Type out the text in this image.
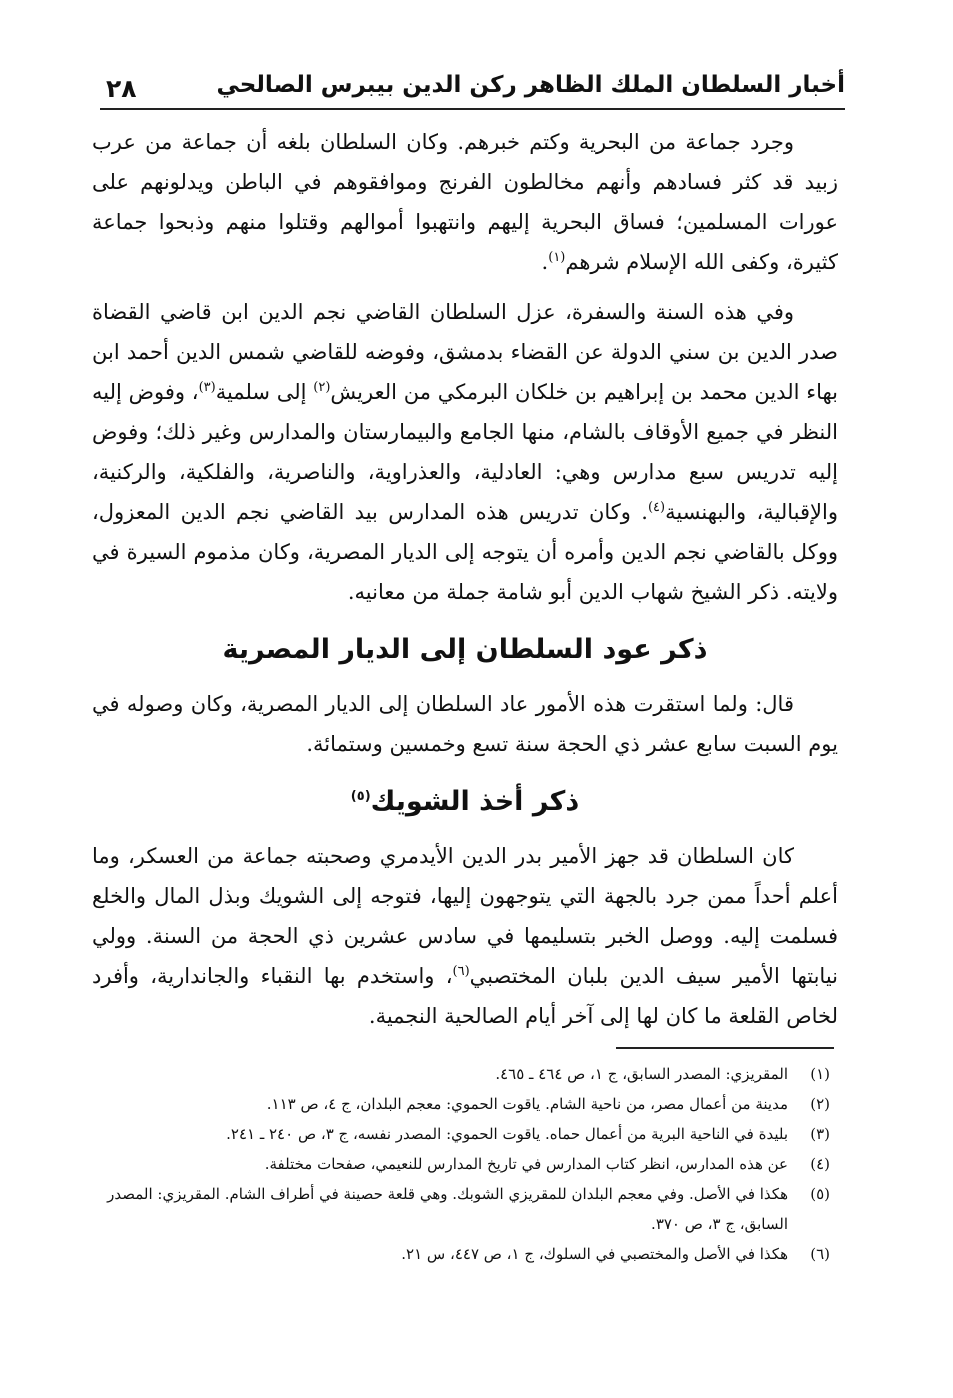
أخبار السلطان الملك الظاهر ركن الدين بيبرس الصالحي
٢٨

وجرد جماعة من البحرية وكتم خبرهم. وكان السلطان بلغه أن جماعة من عرب زبيد قد كثر فسادهم وأنهم مخالطون الفرنج وموافقوهم في الباطن ويدلونهم على عورات المسلمين؛ فساق البحرية إليهم وانتهبوا أموالهم وقتلوا منهم وذبحوا جماعة كثيرة، وكفى الله الإسلام شرهم$^{(١)}$.

وفي هذه السنة والسفرة، عزل السلطان القاضي نجم الدين ابن قاضي القضاة صدر الدين بن سني الدولة عن القضاء بدمشق، وفوضه للقاضي شمس الدين أحمد ابن بهاء الدين محمد بن إبراهيم بن خلكان البرمكي من العريش$^{(٢)}$ إلى سلمية$^{(٣)}$، وفوض إليه النظر في جميع الأوقاف بالشام، منها الجامع والبيمارستان والمدارس وغير ذلك؛ وفوض إليه تدريس سبع مدارس وهي: العادلية، والعذراوية، والناصرية، والفلكية، والركنية، والإقبالية، والبهنسية$^{(٤)}$. وكان تدريس هذه المدارس بيد القاضي نجم الدين المعزول، ووكل بالقاضي نجم الدين وأمره أن يتوجه إلى الديار المصرية، وكان مذموم السيرة في ولايته. ذكر الشيخ شهاب الدين أبو شامة جملة من معانيه.

ذكر عود السلطان إلى الديار المصرية

قال: ولما استقرت هذه الأمور عاد السلطان إلى الديار المصرية، وكان وصوله في يوم السبت سابع عشر ذي الحجة سنة تسع وخمسين وستمائة.

ذكر أخذ الشويك$^{(٥)}$

كان السلطان قد جهز الأمير بدر الدين الأيدمري وصحبته جماعة من العسكر، وما أعلم أحداً ممن جرد بالجهة التي يتوجهون إليها، فتوجه إلى الشويك وبذل المال والخلع فسلمت إليه. ووصل الخبر بتسليمها في سادس عشرين ذي الحجة من السنة. وولي نيابتها الأمير سيف الدين بلبان المختصبي$^{(٦)}$، واستخدم بها النقباء والجاندارية، وأفرد لخاص القلعة ما كان لها إلى آخر أيام الصالحية النجمية.

(١)
المقريزي: المصدر السابق، ج ١، ص ٤٦٤ ـ ٤٦٥.
(٢)
مدينة من أعمال مصر، من ناحية الشام. ياقوت الحموي: معجم البلدان، ج ٤، ص ١١٣.
(٣)
بليدة في الناحية البرية من أعمال حماه. ياقوت الحموي: المصدر نفسه، ج ٣، ص ٢٤٠ ـ ٢٤١.
(٤)
عن هذه المدارس، انظر كتاب المدارس في تاريخ المدارس للنعيمي، صفحات مختلفة.
(٥)
هكذا في الأصل. وفي معجم البلدان للمقريزي الشوبك. وهي قلعة حصينة في أطراف الشام. المقريزي: المصدر السابق، ج ٣، ص ٣٧٠.
(٦)
هكذا في الأصل والمختصبي في السلوك، ج ١، ص ٤٤٧، س ٢١.
